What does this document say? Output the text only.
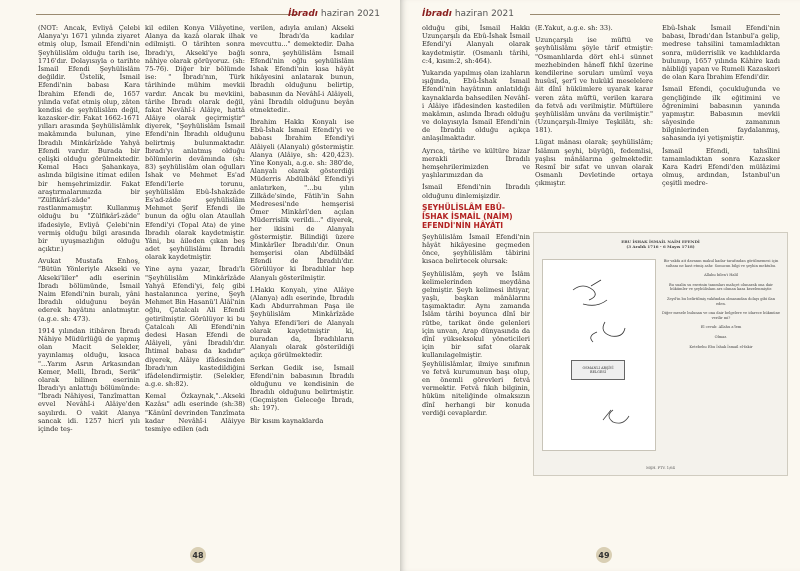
İbradı haziran 2021

(NOT: Ancak, Evliyâ Çelebi Alanya'yı 1671 yılında ziyaret etmiş olup, İsmail Efendi'nin Şeyhülislâm olduğu tarih ise, 1716'dır. Dolayısıyla o tarihte İsmail Efendi Şeyhülislâm değildir. Üstelik, İsmail Efendi'nin babası Kara İbrahim Efendi de, 1657 yılında vefat etmiş olup, zâten kendisi de şeyhülislâm değil, kazasker-dir. Fakat 1662-1671 yılları arasında Şeyhülislâmlık makâmında bulunan, yine İbradılı Minkârîzâde Yahyâ Efendi vardır. Burada bir çelişki olduğu görülmektedir. Kemal Hacı Şahankaya, aslında bilgisine itimat edilen bir hemşehrimizdir. Fakat araştırmalarımızda bir "Zülfikârî-zâde" rastlanmamıştır. Kullanmış olduğu bu "Zülfikârî-zâde" ifadesiyle, Evliyâ Çelebi'nin vermiş olduğu bilgi arasında bir uyuşmazlığın olduğu açıktır.)

Avukat Mustafa Enhoş, "Bütün Yönleriyle Akseki ve Akseki'liler" adlı eserinin İbradı bölümünde, İsmail Naim Efendi'nin buralı, yâni İbradılı olduğunu beyân ederek hayâtını anlatmıştır. (a.g.e. sh: 473).

1914 yılından itibâren İbradı Nâhiye Müdürlüğü de yapmış olan Macit Selekler, yayınlamış olduğu, kısaca "...Yarım Asrın Arkasından Kemer, Melli, İbradı, Serik" olarak bilinen eserinin İbradı'yı anlattığı bölümünde: "İbradı Nâhiyesi, Tanzîmattan evvel Nevâhî-i Alâiye'den sayılırdı. O vakit Alanya sancak idi. 1257 hicrî yılı içinde teş-

kil edilen Konya Vilâyetine, Alanya da kazâ olarak ilhak edilmişti. O târihten sonra İbradı'yı, Akseki'ye bağlı nâhiye olarak görüyoruz. (sh: 75-76). Diğer bir bölümde ise: " İbradı'nın, Türk târihinde mühim mevkii vardır. Ancak bu mevkiini, târihe İbradı olarak değil, fakat Nevâhî-i Alâiye, hattâ Alâiye olarak geçirmiştir" diyerek, "Şeyhülislâm İsmail Efendi'nin İbradılı olduğunu belirtmiş bulunmaktadır. İbradı'yı anlatmış olduğu bölümlerin devâmında (sh: 83) şeyhülislâm olan oğulları İshak ve Mehmet Es'ad Efendi'lerle torunu, şeyhülislâm Ebû-İshakzâde Es'ad-zâde şeyhülislâm Mehmet Şerif Efendi ile bunun da oğlu olan Ataullah Efendi'yi (Topal Ata) de yine İbradılı olarak kaydetmiştir. Yâni, bu âileden çıkan beş adet şeyhülislâmı İbradılı olarak kaydetmiştir.

Yine aynı yazar, İbradı'lı "Şeyhülislâm Minkârîzâde Yahyâ Efendi'yi, felç gibi hastalanınca yerine, Şeyh Mehmet Bin Hasanü'l Âlâî'nin oğlu, Çatalcalı Ali Efendi getirilmiştir. Görülüyor ki bu Çatalcalı Ali Efendi'nin dedesi Hasan Efendi de Alâiyeli, yâni İbradılı'dır. İhtimal babası da kadıdır" diyerek, Alâiye ifâdesinden İbradı'nın kastedildiğini ifâdelendirmiştir. (Selekler, a.g.e. sh:82).

Kemal Özkaynak,"..Akseki Kazâsı" adlı eserinde (sh:38) "Kânûnî devrinden Tanzîmata kadar Nevâhî-i Alâiyye tesmiye edilen (adı

verilen, adıyla anılan) Akseki ve İbradı'da kadılar mevcuttu..." demektedir. Daha sonra, şeyhülislâm İsmail Efendi'nin oğlu şeyhülislâm İshak Efendi'nin kısa hâyât hikâyesini anlatarak bunun, İbradılı olduğunu belirtip, babasının da Nevâhî-i Alâiyeli, yâni İbradılı olduğunu beyân etmektedir..

İbrahim Hakkı Konyalı ise Ebû-İshak İsmail Efendi'yi ve babası İbrahim Efendi'yi Alâiyeli (Alanyalı) göstermiştir. Alanya (Alâiye, sh: 420,423). Yine Konyalı, a.g.e. sh: 380'de, Alanyalı olarak gösterdiği Müderris Abdülbâkî Efendi'yi anlatırken, "...bu yılın Zilkâde'sinde, Fâtih'in Sahn Medresesi'nde hemşerisi Ömer Minkârî'den açılan Müderrislik verildi..." diyerek, her ikisini de Alanyalı göstermiştir. Bilindiği üzere Minkârîler İbradılı'dır. Onun hemşerisi olan Abdülbâkî Efendi de İbradılı'dır. Görülüyor ki İbradılılar hep Alanyalı gösterilmiştir.

İ.Hakkı Konyalı, yine Alâiye (Alanya) adlı eserinde, İbradılı Kadı Abdurrahman Paşa ile Şeyhülislâm Minkârîzâde Yahya Efendi'leri de Alanyalı olarak kaydetmiştir ki, buradan da, İbradılıların Alanyalı olarak gösterildiği açıkça görülmektedir.

Serkan Gedik ise, İsmail Efendi'nin babasının İbradılı olduğunu ve kendisinin de İbradılı olduğunu belirtmiştir. (Geçmişten Geleceğe İbradı, sh: 197).

Bir kısım kaynaklarda

48
İbradı haziran 2021

olduğu gibi, İsmail Hakkı Uzunçarşılı da Ebû-İshak İsmail Efendi'yi Alanyalı olarak kaydetmiştir. (Osmanlı târihi, c:4, kısım:2, sh:464).

Yukarıda yapılmış olan izahların ışığında, Ebû-İshak İsmail Efendi'nin hayâtının anlatıldığı kaynaklarda bahsedilen Nevâhî-i Alâiye ifâdesinden kastedilen makâmın, aslında İbradı olduğu ve dolayısıyla İsmail Efendi'nin de İbradılı olduğu açıkça anlaşılmaktadır.

Ayrıca, târihe ve kültüre bizar merakli İbradılı hemşehrilerimizden ve yaşlılarımızdan da

İsmail Efendi'nin İbradılı olduğunu dinlemişizdir.

ŞEYHÜLİSLÂM EBÛ-
İSHAK İSMAİL (NAİM)
EFENDİ'NİN HÂYÂTI

Şeyhülislâm İsmail Efendi'nin hâyât hikâyesine geçmeden önce, şeyhülislâm tâbirini kısaca belirtecek olursak:

Şeyhülislâm, şeyh ve İslâm kelimelerinden meydâna gelmiştir. Şeyh kelimesi ihtiyar, yaşlı, başkan mânâlarını taşımaktadır. Aynı zamanda İslâm târihi boyunca dînî bir rütbe, tarikat önde gelenleri için unvan, Arap dünyasında da dînî yükseksokul yöneticileri için bir sıfat olarak kullanılagelmiştir. Şeyhülislâmlar, ilmiye sınıfının ve fetvâ kurumunun başı olup, en önemli görevleri fetvâ vermektir. Fetvâ fıkıh bilginin, hüküm niteliğinde olmaksızın dînî herhangi bir konuda verdiği cevaplardır.

(E.Yakut, a.g.e. sh: 33).

Uzunçarşılı ise müftü ve şeyhülislâmı şöyle târif etmiştir: "Osmanlılarda dört ehl-i sünnet mezhebinden hânefî fıkhî üzerine kendilerine soruları umûmî veya husûsî, şer'î ve hukûkî meselelere âit dînî hükümlere uyarak karar veren zâta müftü, verilen karara da fetvâ adı verilmiştir. Müftülere şeyhülislâm unvânı da verilmiştir." (Uzunçarşılı-İlmiye Teşkilâtı, sh: 181).

Lügat mânası olarak; şeyhülislâm; İslâmın şeyhi, büyüğü, fedemlisi, yaşlısı mânâlarına gelmektedir. Resmî bir sıfat ve unvan olarak Osmanlı Devletinde ortaya çıkmıştır.

Ebû-İshak İsmail Efendi'nin babası, İbradı'dan İstanbul'a gelip, medrese tahsilini tamamladıktan sonra, müderrislik ve kadılıklarda bulunup, 1657 yılında Kâhire kadı nâibliği yapan ve Rumeli Kazaskeri de olan Kara İbrahim Efendi'dir.

İsmail Efendi, çocukluğunda ve gençliğinde ilk eğitimini ve öğrenimini babasının yanında yapmıştır. Babasının mevkii sâyesinde zamanının bilginlerinden faydalanmış, sahasında iyi yetişmiştir.

İsmail Efendi, tahsîlini tamamladıktan sonra Kazasker Kara Kadri Efendi'den mülâzimi olmuş, ardından, İstanbul'un çeşitli medre-

EBU İSHAK İSMAİL NAİM EFENDİ
(3 Aralık 1716 - 6 Mayıs 1718)
OSMANLI ARŞİVİ
BELGESİ

Bir vakfa ait davanın makul kadar tarafından görülmemesi için sultanı ne kast etmiş ashr. Sonucun bilgi ve şeyhin mektubu.

Allahu bilen'i Halil

Bu sualin su eserinin tanımları mahçet olunarak ona dair hükümler ve şeyhülislam arz olunan kaza kezelenmiştir.

Zeyd'in bu belirtilmiş vakfından olmasından dolayı gibi ilan eden.

Diğer mesele bulunan ve ona dair belgelere ve idarece hükmüne verilir mi?

El cevab: Allahu a'lem

Olmaz.

Ketebehu Ebu İshak İsmail el-fakir

MŞH. FTV. 1/64
49
